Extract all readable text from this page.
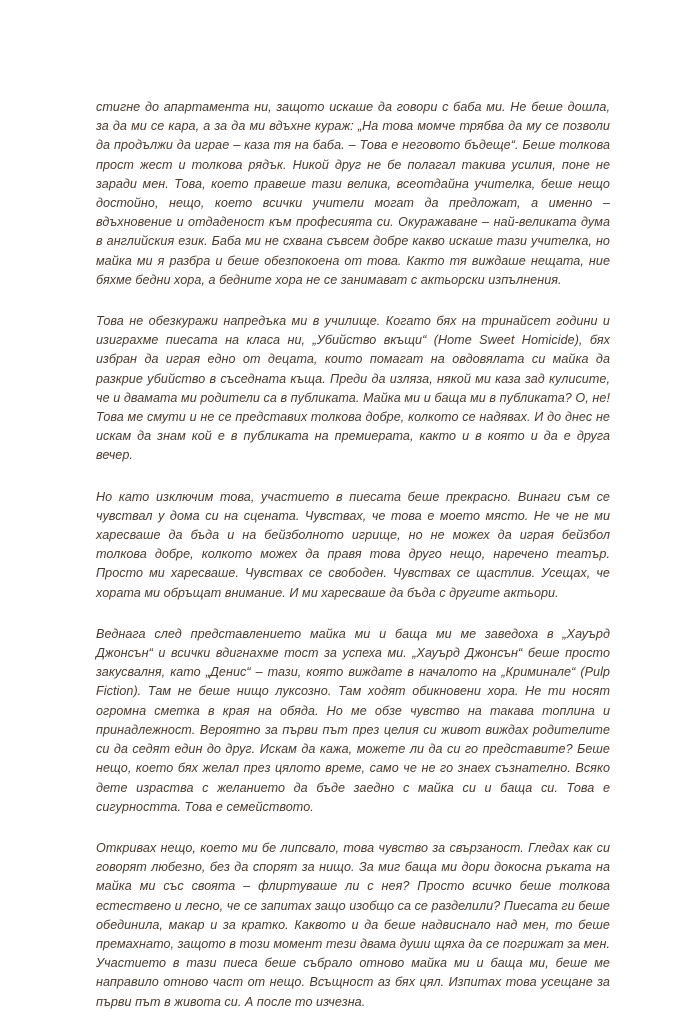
стигне до апартамента ни, защото искаше да говори с баба ми. Не беше дошла, за да ми се кара, а за да ми вдъхне кураж: „На това момче трябва да му се позволи да продължи да играе – каза тя на баба. – Това е неговото бъдеще“. Беше толкова прост жест и толкова рядък. Никой друг не бе полагал такива усилия, поне не заради мен. Това, което правеше тази велика, всеотдайна учителка, беше нещо достойно, нещо, което всички учители могат да предложат, а именно – вдъхновение и отдаденост към професията си. Окуражаване – най-великата дума в английския език. Баба ми не схвана съвсем добре какво искаше тази учителка, но майка ми я разбра и беше обезпокоена от това. Както тя виждаше нещата, ние бяхме бедни хора, а бедните хора не се занимават с актьорски изпълнения.

Това не обезкуражи напредъка ми в училище. Когато бях на тринайсет години и изиграхме пиесата на класа ни, „Убийство вкъщи“ (Home Sweet Homicide), бях избран да играя едно от децата, които помагат на овдовялата си майка да разкрие убийство в съседната къща. Преди да изляза, някой ми каза зад кулисите, че и двамата ми родители са в публиката. Майка ми и баща ми в публиката? О, не! Това ме смути и не се представих толкова добре, колкото се надявах. И до днес не искам да знам кой е в публиката на премиерата, както и в която и да е друга вечер.

Но като изключим това, участието в пиесата беше прекрасно. Винаги съм се чувствал у дома си на сцената. Чувствах, че това е моето място. Не че не ми харесваше да бъда и на бейзболното игрище, но не можех да играя бейзбол толкова добре, колкото можех да правя това друго нещо, наречено театър. Просто ми харесваше. Чувствах се свободен. Чувствах се щастлив. Усещах, че хората ми обръщат внимание. И ми харесваше да бъда с другите актьори.

Веднага след представлението майка ми и баща ми ме заведоха в „Хауърд Джонсън“ и всички вдигнахме тост за успеха ми. „Хауърд Джонсън“ беше просто закусвалня, като „Денис“ – тази, която виждате в началото на „Криминале“ (Pulp Fiction). Там не беше нищо луксозно. Там ходят обикновени хора. Не ти носят огромна сметка в края на обяда. Но ме обзе чувство на такава топлина и принадлежност. Вероятно за първи път през целия си живот виждах родителите си да седят един до друг. Искам да кажа, можете ли да си го представите? Беше нещо, което бях желал през цялото време, само че не го знаех съзнателно. Всяко дете израства с желанието да бъде заедно с майка си и баща си. Това е сигурността. Това е семейството.

Откривах нещо, което ми бе липсвало, това чувство за свързаност. Гледах как си говорят любезно, без да спорят за нищо. За миг баща ми дори докосна ръката на майка ми със своята – флиртуваше ли с нея? Просто всичко беше толкова естествено и лесно, че се запитах защо изобщо са се разделили? Пиесата ги беше обединила, макар и за кратко. Каквото и да беше надвиснало над мен, то беше премахнато, защото в този момент тези двама души щяха да се погрижат за мен. Участието в тази пиеса беше събрало отново майка ми и баща ми, беше ме направило отново част от нещо. Всъщност аз бях цял. Изпитах това усещане за първи път в живота си. А после то изчезна.
